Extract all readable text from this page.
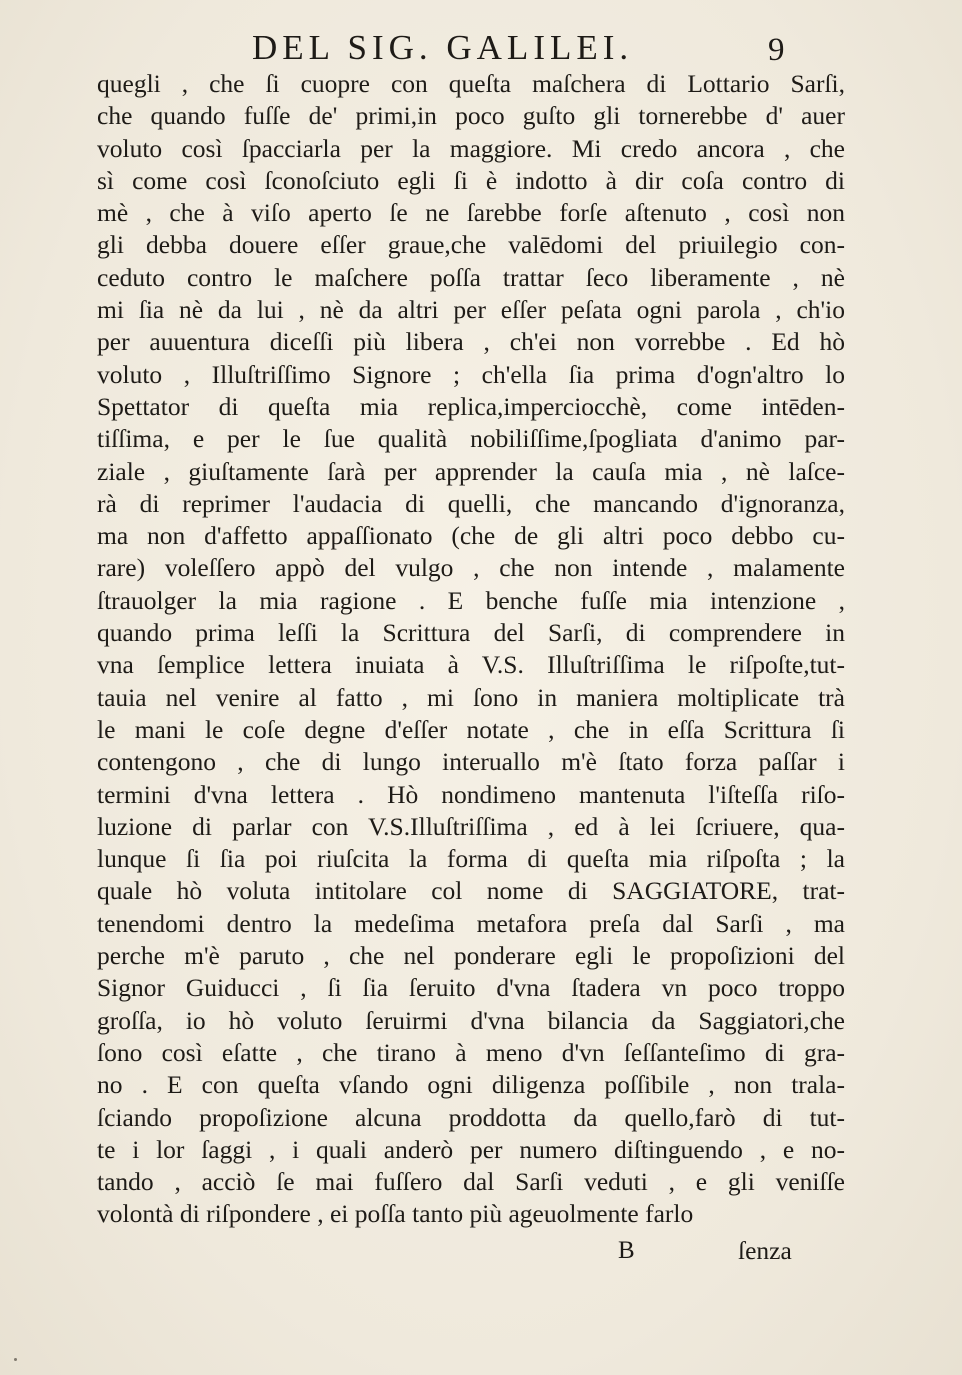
DEL SIG. GALILEI.	9
quegli , che ſi cuopre con queſta maſchera di Lottario Sarſi,
che quando fuſſe de' primi,in poco guſto gli tornerebbe d' auer
voluto così ſpacciarla per la maggiore. Mi credo ancora , che
sì come così ſconoſciuto egli ſi è indotto à dir coſa contro di
mè , che à viſo aperto ſe ne ſarebbe forſe aſtenuto , così non
gli debba douere eſſer graue,che valēdomi del priuilegio con-
ceduto contro le maſchere poſſa trattar ſeco liberamente , nè
mi ſia nè da lui , nè da altri per eſſer peſata ogni parola , ch'io
per auuentura diceſſi più libera , ch'ei non vorrebbe . Ed hò
voluto , Illuſtriſſimo Signore ; ch'ella ſia prima d'ogn'altro lo
Spettator di queſta mia replica,imperciocchè, come intēden-
tiſſima, e per le ſue qualità nobiliſſime,ſpogliata d'animo par-
ziale , giuſtamente ſarà per apprender la cauſa mia , nè laſce-
rà di reprimer l'audacia di quelli, che mancando d'ignoranza,
ma non d'affetto appaſſionato (che de gli altri poco debbo cu-
rare) voleſſero appò del vulgo , che non intende , malamente
ſtrauolger la mia ragione . E benche fuſſe mia intenzione ,
quando prima leſſi la Scrittura del Sarſi, di comprendere in
vna ſemplice lettera inuiata à V.S. Illuſtriſſima le riſpoſte,tut-
tauia nel venire al fatto , mi ſono in maniera moltiplicate trà
le mani le coſe degne d'eſſer notate , che in eſſa Scrittura ſi
contengono , che di lungo interuallo m'è ſtato forza paſſar i
termini d'vna lettera . Hò nondimeno mantenuta l'iſteſſa riſo-
luzione di parlar con V.S.Illuſtriſſima , ed à lei ſcriuere, qua-
lunque ſi ſia poi riuſcita la forma di queſta mia riſpoſta ; la
quale hò voluta intitolare col nome di SAGGIATORE, trat-
tenendomi dentro la medeſima metafora preſa dal Sarſi , ma
perche m'è paruto , che nel ponderare egli le propoſizioni del
Signor Guiducci , ſi ſia ſeruito d'vna ſtadera vn poco troppo
groſſa, io hò voluto ſeruirmi d'vna bilancia da Saggiatori,che
ſono così eſatte , che tirano à meno d'vn ſeſſanteſimo di gra-
no . E con queſta vſando ogni diligenza poſſibile , non trala-
ſciando propoſizione alcuna proddotta da quello,farò di tut-
te i lor ſaggi , i quali anderò per numero diſtinguendo , e no-
tando , acciò ſe mai fuſſero dal Sarſi veduti , e gli veniſſe
volontà di riſpondere , ei poſſa tanto più ageuolmente farlo
B	ſenza
